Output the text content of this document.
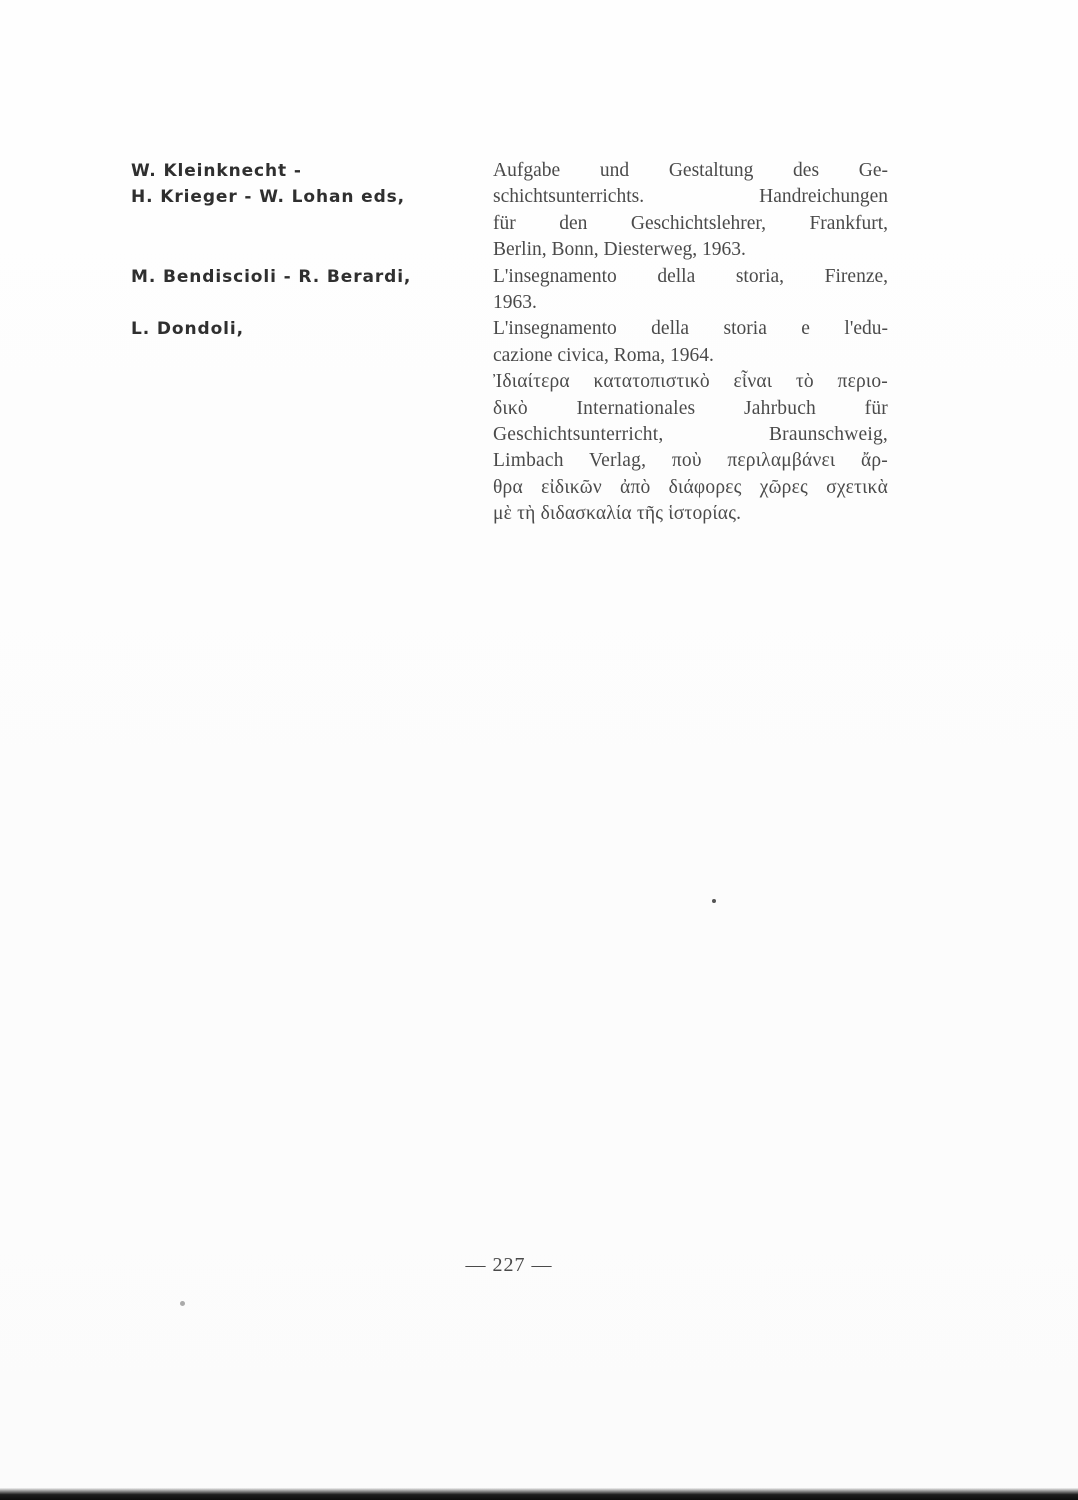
W. Kleinknecht -
H. Krieger - W. Lohan eds,
Aufgabe und Gestaltung des Ge-
schichtsunterrichts. Handreichungen
für den Geschichtslehrer, Frankfurt,
Berlin, Bonn, Diesterweg, 1963.
M. Bendiscioli - R. Berardi,	L'insegnamento della storia, Firenze,
1963.
L. Dondoli,	L'insegnamento della storia e l'edu-
cazione civica, Roma, 1964.
Ἰδιαίτερα κατατοπιστικὸ εἶναι τὸ περιο-
δικὸ Internationales Jahrbuch für
Geschichtsunterricht, Braunschweig,
Limbach Verlag, ποὺ περιλαμβάνει ἄρ-
θρα εἰδικῶν ἀπὸ διάφορες χῶρες σχετικὰ
μὲ τὴ διδασκαλία τῆς ἱστορίας.
— 227 —
